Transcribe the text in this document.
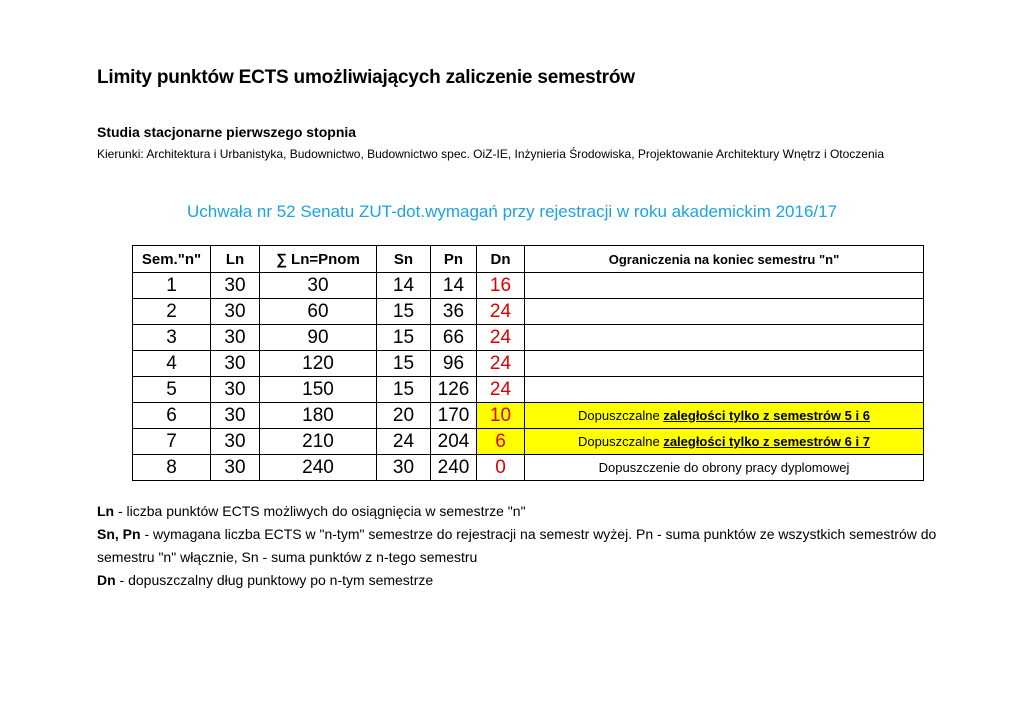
Limity punktów ECTS umożliwiających zaliczenie semestrów
Studia stacjonarne pierwszego stopnia
Kierunki: Architektura i Urbanistyka, Budownictwo, Budownictwo spec. OiZ-IE, Inżynieria Środowiska, Projektowanie Architektury Wnętrz i Otoczenia
Uchwała nr 52 Senatu ZUT-dot.wymagań przy rejestracji w roku akademickim 2016/17
Sem."n"	Ln	∑ Ln=Pnom	Sn	Pn	Dn	Ograniczenia na koniec semestru "n"
1	30	30	14	14	16	
2	30	60	15	36	24	
3	30	90	15	66	24	
4	30	120	15	96	24	
5	30	150	15	126	24	
6	30	180	20	170	10	Dopuszczalne zaległości tylko z semestrów 5 i 6
7	30	210	24	204	6	Dopuszczalne zaległości tylko z semestrów 6 i 7
8	30	240	30	240	0	Dopuszczenie do obrony pracy dyplomowej
Ln - liczba punktów ECTS możliwych do osiągnięcia w semestrze "n"
Sn, Pn - wymagana liczba ECTS w "n-tym" semestrze do rejestracji na semestr wyżej. Pn - suma punktów ze wszystkich semestrów do semestru "n" włącznie, Sn - suma punktów z n-tego semestru
Dn - dopuszczalny dług punktowy po n-tym semestrze
